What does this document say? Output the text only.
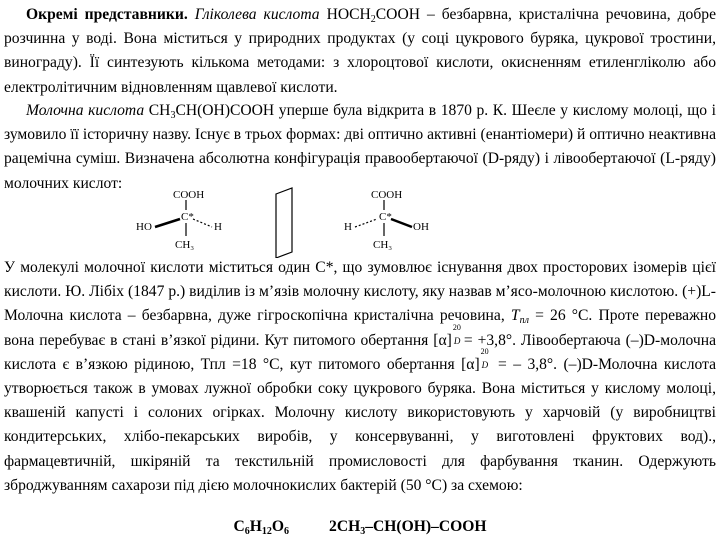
Окремі представники. Гліколева кислота $HOCH_2COOH$ – безбарвна, кристалічна речовина, добре розчинна у воді. Вона міститься у природних продуктах (у соці цукрового буряка, цукрової тростини, винограду). Її синтезують кількома методами: з хлороцтової кислоти, окисненням етиленгліколю або електролітичним відновленням щавлевої кислоти.

Молочна кислота $CH_3CH(OH)COOH$ уперше була відкрита в 1870 р. К. Шеєле у кислому молоці, що і зумовило її історичну назву. Існує в трьох формах: дві оптично активні (енантіомери) й оптично неактивна рацемічна суміш. Визначена абсолютна конфігурація правообертаючої (D-ряду) і лівообертаючої (L-ряду) молочних кислот:

COOH
C*
HO	H
CH₃
COOH
C*
H	OH
CH₃

У молекулі молочної кислоти міститься один С*, що зумовлює існування двох просторових ізомерів цієї кислоти. Ю. Лібіх (1847 р.) виділив із м’язів молочну кислоту, яку назвав м’ясо-молочною кислотою. (+)L-Молочна кислота – безбарвна, дуже гігроскопічна кристалічна речовина, $Т_{пл} = 26$ °С. Проте переважно вона перебуває в стані в’язкої рідини. Кут питомого обертання [α]
20
D = +3,8°. Лівообертаюча (–)D-молочна кислота є в’язкою рідиною, Тпл =18 °С, кут питомого обертання [α]
20
D = – 3,8°. (–)D-Молочна кислота утворюється також в умовах лужної обробки соку цукрового буряка. Вона міститься у кислому молоці, квашеній капусті і солоних огірках. Молочну кислоту використовують у харчовій (у виробництві кондитерських, хлібо-пекарських виробів, у консервуванні, у виготовлені фруктових вод)., фармацевтичній, шкіряній та текстильній промисловості для фарбування тканин. Одержують зброджуванням сахарози під дією молочнокислих бактерій (50 °С) за схемою:

$C_6H_{12}O_6$	$2CH_3-CH(OH)$–COOH
